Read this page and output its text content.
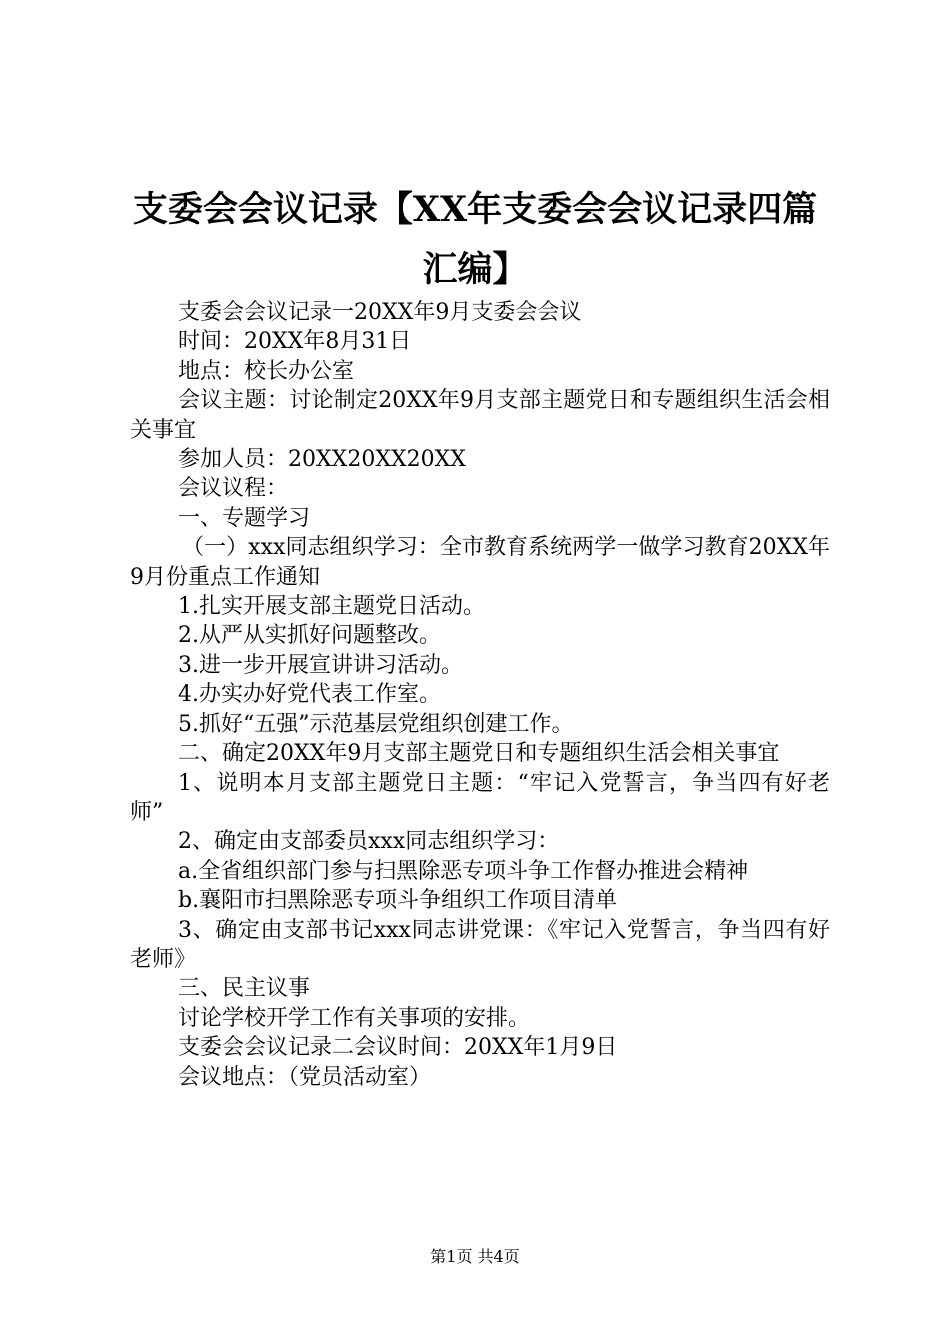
支委会会议记录【XX年支委会会议记录四篇
汇编】

支委会会议记录一20XX年9月支委会会议

时间：20XX年8月31日

地点：校长办公室

会议主题：讨论制定20XX年9月支部主题党日和专题组织生活会相关事宜

参加人员：20XX20XX20XX

会议议程：

一、专题学习

（一）xxx同志组织学习：全市教育系统两学一做学习教育20XX年9月份重点工作通知

1.扎实开展支部主题党日活动。

2.从严从实抓好问题整改。

3.进一步开展宣讲讲习活动。

4.办实办好党代表工作室。

5.抓好“五强”示范基层党组织创建工作。

二、确定20XX年9月支部主题党日和专题组织生活会相关事宜

1、说明本月支部主题党日主题：“牢记入党誓言，争当四有好老师”

2、确定由支部委员xxx同志组织学习：

a.全省组织部门参与扫黑除恶专项斗争工作督办推进会精神

b.襄阳市扫黑除恶专项斗争组织工作项目清单

3、确定由支部书记xxx同志讲党课：《牢记入党誓言，争当四有好老师》

三、民主议事

讨论学校开学工作有关事项的安排。

支委会会议记录二会议时间：20XX年1月9日

会议地点：（党员活动室）

第1页 共4页
